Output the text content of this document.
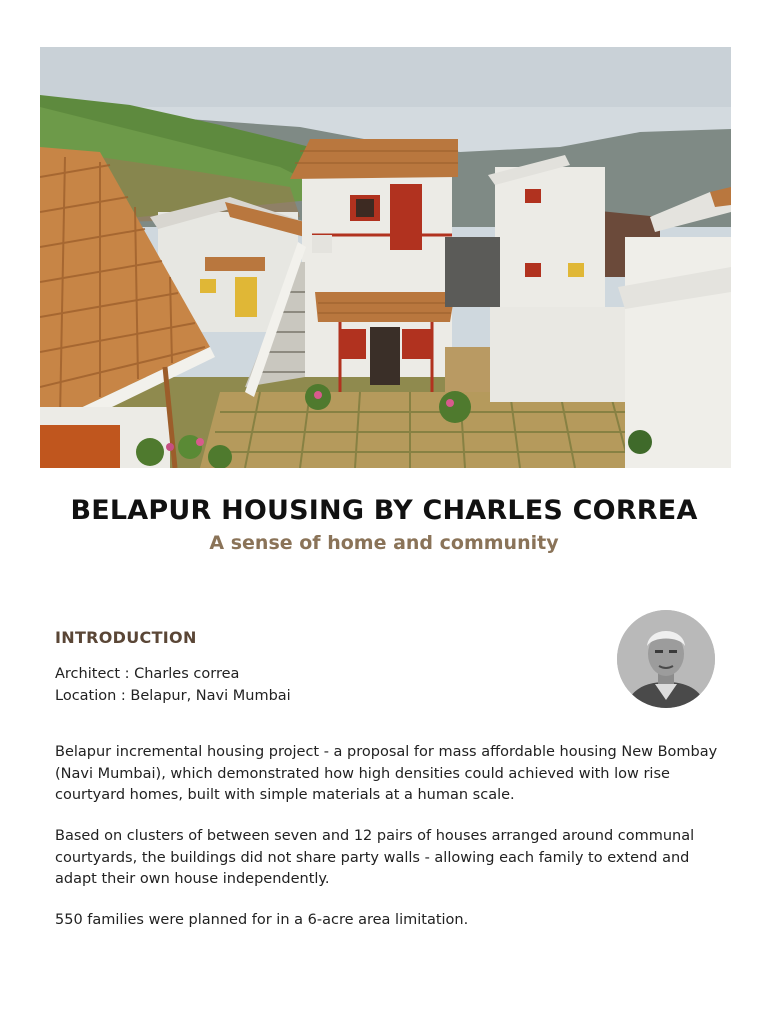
BELAPUR HOUSING BY CHARLES CORREA
A sense of home and community
INTRODUCTION
Architect : Charles correa
Location : Belapur, Navi Mumbai
Belapur incremental housing project - a proposal for mass affordable housing New Bombay (Navi Mumbai), which demonstrated how high densities could achieved with low rise courtyard homes, built with simple materials at a human scale.
Based on clusters of between seven and 12 pairs of houses arranged around communal courtyards, the buildings did not share party walls - allowing each family to extend and adapt their own house independently.
550 families were planned for in a 6-acre area limitation.
